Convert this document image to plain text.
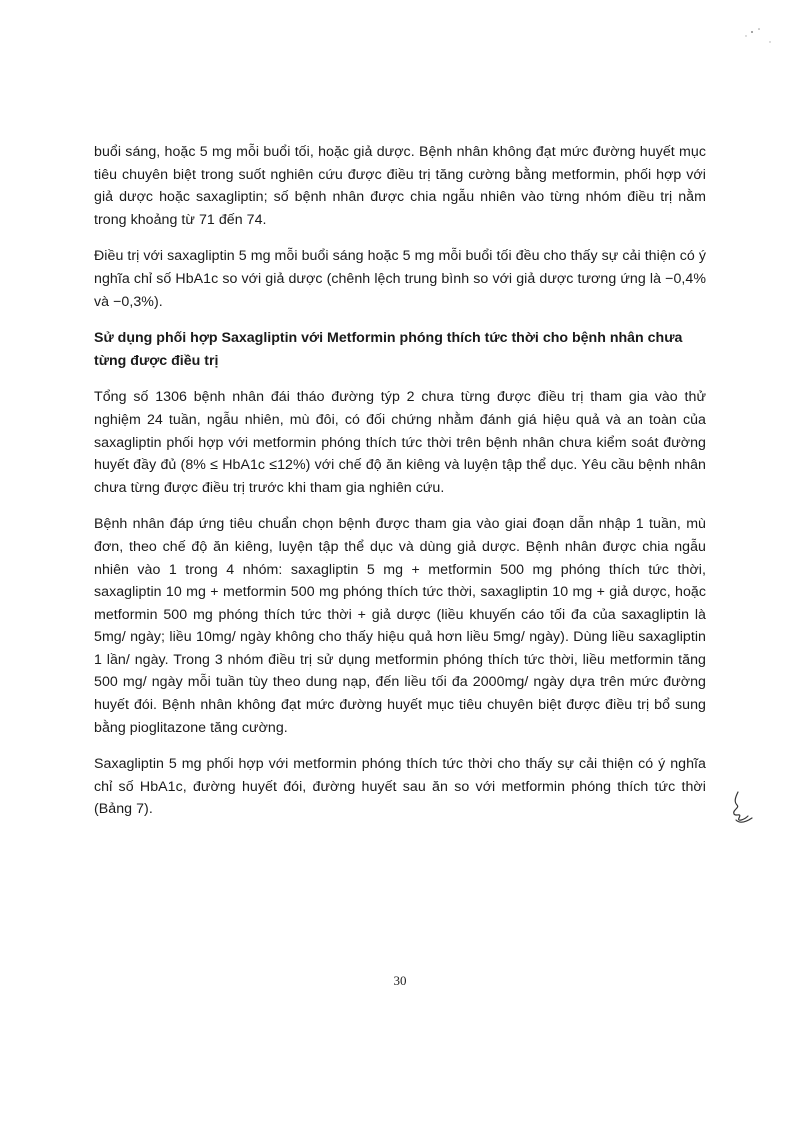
buổi sáng, hoặc 5 mg mỗi buổi tối, hoặc giả dược. Bệnh nhân không đạt mức đường huyết mục tiêu chuyên biệt trong suốt nghiên cứu được điều trị tăng cường bằng metformin, phối hợp với giả dược hoặc saxagliptin; số bệnh nhân được chia ngẫu nhiên vào từng nhóm điều trị nằm trong khoảng từ 71 đến 74.

Điều trị với saxagliptin 5 mg mỗi buổi sáng hoặc 5 mg mỗi buổi tối đều cho thấy sự cải thiện có ý nghĩa chỉ số HbA1c so với giả dược (chênh lệch trung bình so với giả dược tương ứng là −0,4% và −0,3%).

Sử dụng phối hợp Saxagliptin với Metformin phóng thích tức thời cho bệnh nhân chưa từng được điều trị

Tổng số 1306 bệnh nhân đái tháo đường týp 2 chưa từng được điều trị tham gia vào thử nghiệm 24 tuần, ngẫu nhiên, mù đôi, có đối chứng nhằm đánh giá hiệu quả và an toàn của saxagliptin phối hợp với metformin phóng thích tức thời trên bệnh nhân chưa kiểm soát đường huyết đầy đủ (8% ≤ HbA1c ≤12%) với chế độ ăn kiêng và luyện tập thể dục. Yêu cầu bệnh nhân chưa từng được điều trị trước khi tham gia nghiên cứu.

Bệnh nhân đáp ứng tiêu chuẩn chọn bệnh được tham gia vào giai đoạn dẫn nhập 1 tuần, mù đơn, theo chế độ ăn kiêng, luyện tập thể dục và dùng giả dược. Bệnh nhân được chia ngẫu nhiên vào 1 trong 4 nhóm: saxagliptin 5 mg + metformin 500 mg phóng thích tức thời, saxagliptin 10 mg + metformin 500 mg phóng thích tức thời, saxagliptin 10 mg + giả dược, hoặc metformin 500 mg phóng thích tức thời + giả dược (liều khuyến cáo tối đa của saxagliptin là 5mg/ ngày; liều 10mg/ ngày không cho thấy hiệu quả hơn liều 5mg/ ngày). Dùng liều saxagliptin 1 lần/ ngày. Trong 3 nhóm điều trị sử dụng metformin phóng thích tức thời, liều metformin tăng 500 mg/ ngày mỗi tuần tùy theo dung nạp, đến liều tối đa 2000mg/ ngày dựa trên mức đường huyết đói. Bệnh nhân không đạt mức đường huyết mục tiêu chuyên biệt được điều trị bổ sung bằng pioglitazone tăng cường.

Saxagliptin 5 mg phối hợp với metformin phóng thích tức thời cho thấy sự cải thiện có ý nghĩa chỉ số HbA1c, đường huyết đói, đường huyết sau ăn so với metformin phóng thích tức thời (Bảng 7).

30
